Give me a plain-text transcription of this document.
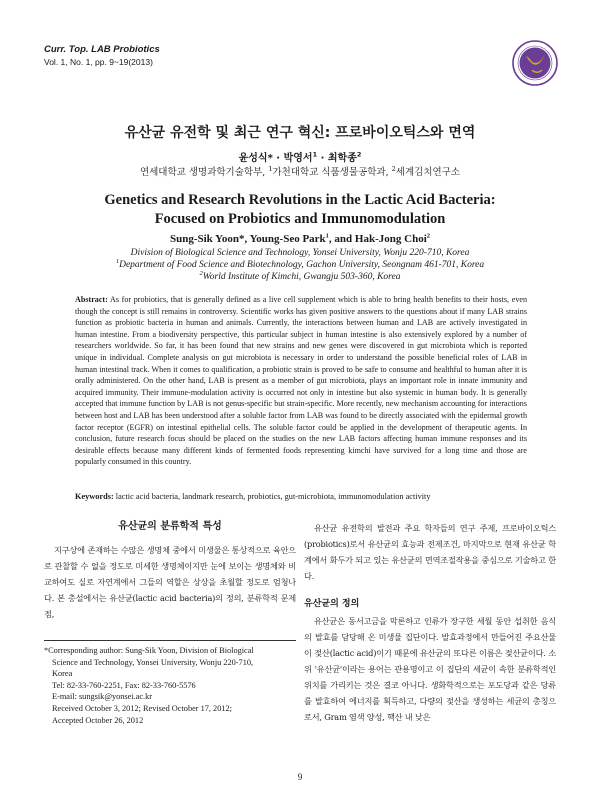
Curr. Top. LAB Probiotics
Vol. 1, No. 1, pp. 9~19(2013)
유산균 유전학 및 최근 연구 혁신: 프로바이오틱스와 면역
윤성식* · 박영서$^1$ · 최학종$^2$
연세대학교 생명과학기술학부, $^1$가천대학교 식품생물공학과, $^2$세계김치연구소
Genetics and Research Revolutions in the Lactic Acid Bacteria:
Focused on Probiotics and Immunomodulation
Sung-Sik Yoon*, Young-Seo Park$^1$, and Hak-Jong Choi$^2$
Division of Biological Science and Technology, Yonsei University, Wonju 220-710, Korea
$^1$Department of Food Science and Biotechnology, Gachon University, Seongnam 461-701, Korea
$^2$World Institute of Kimchi, Gwangju 503-360, Korea
Abstract: As for probiotics, that is generally defined as a live cell supplement which is able to bring health benefits to their hosts, even though the concept is still remains in controversy. Scientific works has given positive answers to the questions about if many LAB strains function as probiotic bacteria in human and animals. Currently, the interactions between human and LAB are actively investigated in human intestine. From a biodiversity perspective, this particular subject in human intestine is also extensively explored by a number of researchers worldwide. So far, it has been found that new strains and new genes were discovered in gut microbiota which is reported unique in individual. Complete analysis on gut microbiota is necessary in order to understand the possible beneficial roles of LAB in human intestinal track. When it comes to qualification, a probiotic strain is proved to be safe to consume and healthful to human after it is orally administered. On the other hand, LAB is present as a member of gut microbiota, plays an important role in innate immunity and acquired immunity. Their immune-modulation activity is occurred not only in intestine but also systemic in human body. It is generally accepted that immune function by LAB is not genus-specific but strain-specific. More recently, new mechanism accounting for interactions between host and LAB has been understood after a soluble factor from LAB was found to be directly associated with the epidermal growth factor receptor (EGFR) on intestinal epithelial cells. The soluble factor could be applied in the development of therapeutic agents. In conclusion, future research focus should be placed on the studies on the new LAB factors affecting human immune responses and its desirable effects because many different kinds of fermented foods representing kimchi have survived for a long time and those are popularly consumed in this country.
Keywords: lactic acid bacteria, landmark research, probiotics, gut-microbiota, immunomodulation activity
유산균의 분류학적 특성

지구상에 존재하는 수많은 생명체 중에서 미생물은 통상적으로 육안으로 관찰할 수 없을 정도로 미세한 생명체이지만 눈에 보이는 생명체와 비교하여도 실로 자연계에서 그들의 역할은 상상을 초월할 정도로 엄청나다. 본 총설에서는 유산균(lactic acid bacteria)의 정의, 분류학적 문제점,

유산균 유전학의 발전과 주요 학자들의 연구 주제, 프로바이오틱스(probiotics)로서 유산균의 효능과 전제조건, 마지막으로 현재 유산균 학계에서 화두가 되고 있는 유산균의 면역조절작용을 중심으로 기술하고 한다.

유산균의 정의

유산균은 동서고금을 막론하고 인류가 장구한 세월 동안 섭취한 음식의 발효를 담당해 온 미생물 집단이다. 발효과정에서 만들어진 주요산물이 젖산(lactic acid)이기 때문에 유산균의 또다른 이름은 젖산균이다. 소위 '유산균'이라는 용어는 관용명이고 이 집단의 세균이 속한 분류학적인 위치를 가리키는 것은 결코 아니다. 생화학적으로는 포도당과 같은 당류를 발효하여 에너지를 획득하고, 다량의 젖산을 생성하는 세균의 총칭으로서, Gram 염색 양성, 핵산 내 낮은

*Corresponding author: Sung-Sik Yoon, Division of Biological
Science and Technology, Yonsei University, Wonju 220-710,
Korea
Tel: 82-33-760-2251, Fax: 82-33-760-5576
E-mail: sungsik@yonsei.ac.kr
Received October 3, 2012; Revised October 17, 2012;
Accepted October 26, 2012
9
